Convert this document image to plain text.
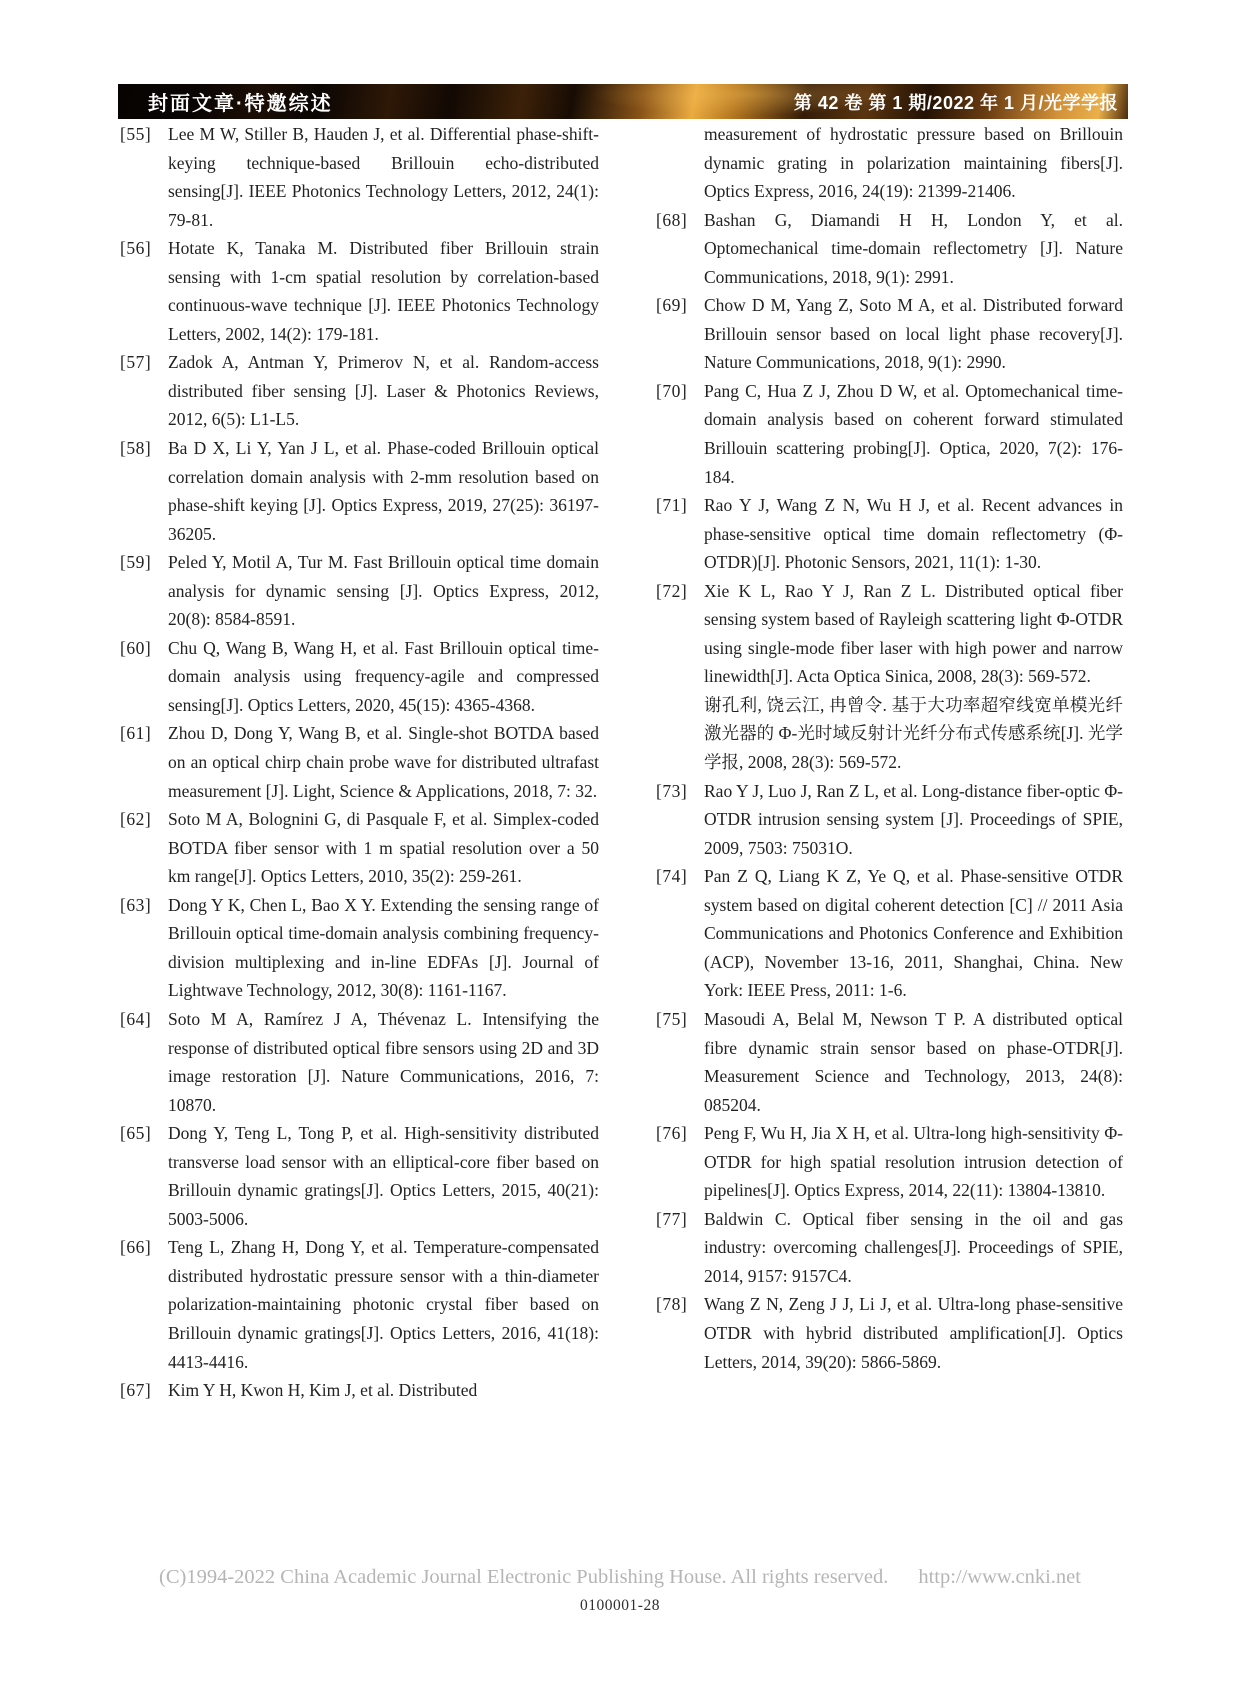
封面文章·特邀综述	第 42 卷 第 1 期/2022 年 1 月/光学学报
[55] Lee M W, Stiller B, Hauden J, et al. Differential phase-shift-keying technique-based Brillouin echo-distributed sensing[J]. IEEE Photonics Technology Letters, 2012, 24(1): 79-81.
[56] Hotate K, Tanaka M. Distributed fiber Brillouin strain sensing with 1-cm spatial resolution by correlation-based continuous-wave technique [J]. IEEE Photonics Technology Letters, 2002, 14(2): 179-181.
[57] Zadok A, Antman Y, Primerov N, et al. Random-access distributed fiber sensing [J]. Laser & Photonics Reviews, 2012, 6(5): L1-L5.
[58] Ba D X, Li Y, Yan J L, et al. Phase-coded Brillouin optical correlation domain analysis with 2-mm resolution based on phase-shift keying [J]. Optics Express, 2019, 27(25): 36197-36205.
[59] Peled Y, Motil A, Tur M. Fast Brillouin optical time domain analysis for dynamic sensing [J]. Optics Express, 2012, 20(8): 8584-8591.
[60] Chu Q, Wang B, Wang H, et al. Fast Brillouin optical time-domain analysis using frequency-agile and compressed sensing[J]. Optics Letters, 2020, 45(15): 4365-4368.
[61] Zhou D, Dong Y, Wang B, et al. Single-shot BOTDA based on an optical chirp chain probe wave for distributed ultrafast measurement [J]. Light, Science & Applications, 2018, 7: 32.
[62] Soto M A, Bolognini G, di Pasquale F, et al. Simplex-coded BOTDA fiber sensor with 1 m spatial resolution over a 50 km range[J]. Optics Letters, 2010, 35(2): 259-261.
[63] Dong Y K, Chen L, Bao X Y. Extending the sensing range of Brillouin optical time-domain analysis combining frequency-division multiplexing and in-line EDFAs [J]. Journal of Lightwave Technology, 2012, 30(8): 1161-1167.
[64] Soto M A, Ramírez J A, Thévenaz L. Intensifying the response of distributed optical fibre sensors using 2D and 3D image restoration [J]. Nature Communications, 2016, 7: 10870.
[65] Dong Y, Teng L, Tong P, et al. High-sensitivity distributed transverse load sensor with an elliptical-core fiber based on Brillouin dynamic gratings[J]. Optics Letters, 2015, 40(21): 5003-5006.
[66] Teng L, Zhang H, Dong Y, et al. Temperature-compensated distributed hydrostatic pressure sensor with a thin-diameter polarization-maintaining photonic crystal fiber based on Brillouin dynamic gratings[J]. Optics Letters, 2016, 41(18): 4413-4416.
[67] Kim Y H, Kwon H, Kim J, et al. Distributed
measurement of hydrostatic pressure based on Brillouin dynamic grating in polarization maintaining fibers[J]. Optics Express, 2016, 24(19): 21399-21406.
[68] Bashan G, Diamandi H H, London Y, et al. Optomechanical time-domain reflectometry [J]. Nature Communications, 2018, 9(1): 2991.
[69] Chow D M, Yang Z, Soto M A, et al. Distributed forward Brillouin sensor based on local light phase recovery[J]. Nature Communications, 2018, 9(1): 2990.
[70] Pang C, Hua Z J, Zhou D W, et al. Optomechanical time-domain analysis based on coherent forward stimulated Brillouin scattering probing[J]. Optica, 2020, 7(2): 176-184.
[71] Rao Y J, Wang Z N, Wu H J, et al. Recent advances in phase-sensitive optical time domain reflectometry (Φ-OTDR)[J]. Photonic Sensors, 2021, 11(1): 1-30.
[72] Xie K L, Rao Y J, Ran Z L. Distributed optical fiber sensing system based of Rayleigh scattering light Φ-OTDR using single-mode fiber laser with high power and narrow linewidth[J]. Acta Optica Sinica, 2008, 28(3): 569-572.
谢孔利, 饶云江, 冉曾令. 基于大功率超窄线宽单模光纤激光器的 Φ-光时域反射计光纤分布式传感系统[J]. 光学学报, 2008, 28(3): 569-572.
[73] Rao Y J, Luo J, Ran Z L, et al. Long-distance fiber-optic Φ-OTDR intrusion sensing system [J]. Proceedings of SPIE, 2009, 7503: 75031O.
[74] Pan Z Q, Liang K Z, Ye Q, et al. Phase-sensitive OTDR system based on digital coherent detection [C] // 2011 Asia Communications and Photonics Conference and Exhibition (ACP), November 13-16, 2011, Shanghai, China. New York: IEEE Press, 2011: 1-6.
[75] Masoudi A, Belal M, Newson T P. A distributed optical fibre dynamic strain sensor based on phase-OTDR[J]. Measurement Science and Technology, 2013, 24(8): 085204.
[76] Peng F, Wu H, Jia X H, et al. Ultra-long high-sensitivity Φ-OTDR for high spatial resolution intrusion detection of pipelines[J]. Optics Express, 2014, 22(11): 13804-13810.
[77] Baldwin C. Optical fiber sensing in the oil and gas industry: overcoming challenges[J]. Proceedings of SPIE, 2014, 9157: 9157C4.
[78] Wang Z N, Zeng J J, Li J, et al. Ultra-long phase-sensitive OTDR with hybrid distributed amplification[J]. Optics Letters, 2014, 39(20): 5866-5869.
(C)1994-2022 China Academic Journal Electronic Publishing House. All rights reserved. http://www.cnki.net
0100001-28
